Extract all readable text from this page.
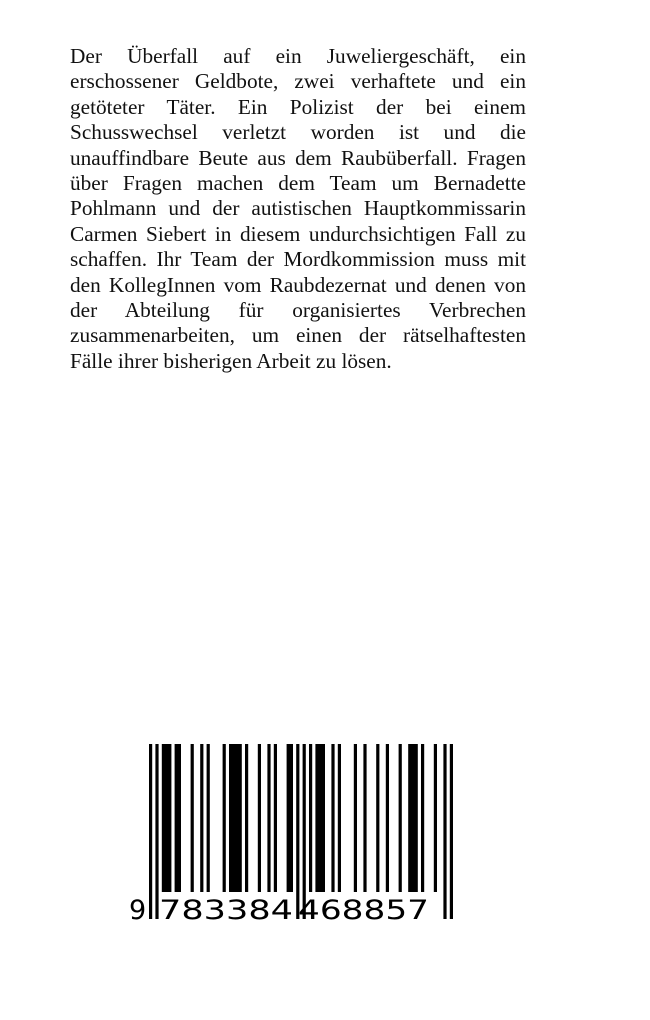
Der Überfall auf ein Juweliergeschäft, ein erschossener Geldbote, zwei verhaftete und ein getöteter Täter. Ein Polizist der bei einem Schusswechsel verletzt worden ist und die unauffindbare Beute aus dem Raubüberfall. Fragen über Fragen machen dem Team um Bernadette Pohlmann und der autistischen Hauptkommissarin Carmen Siebert in diesem undurchsichtigen Fall zu schaffen. Ihr Team der Mordkommission muss mit den KollegInnen vom Raubdezernat und denen von der Abteilung für organisiertes Verbrechen zusammenarbeiten, um einen der rätselhaftesten Fälle ihrer bisherigen Arbeit zu lösen.

9 783384 468857
